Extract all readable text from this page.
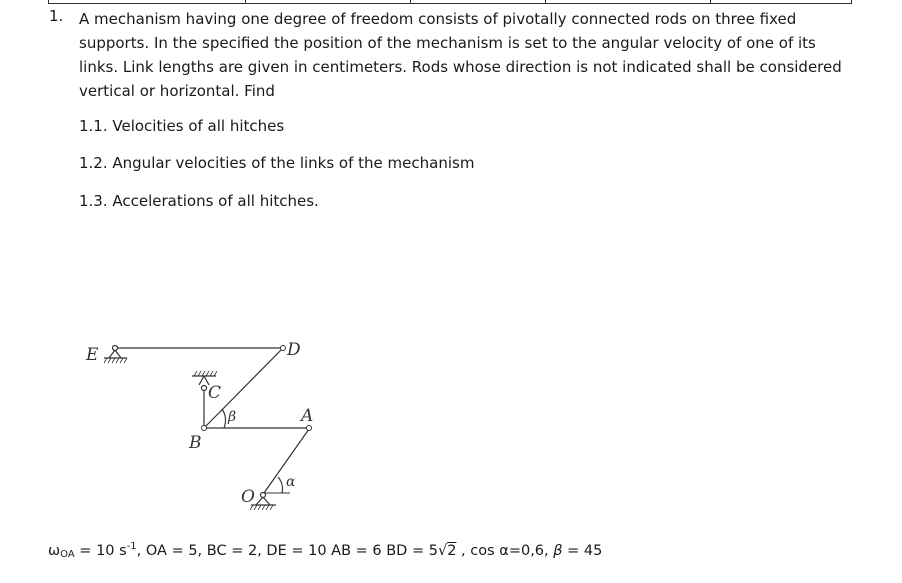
1. A mechanism having one degree of freedom consists of pivotally connected rods on three fixed supports. In the specified the position of the mechanism is set to the angular velocity of one of its links. Link lengths are given in centimeters. Rods whose direction is not indicated shall be considered vertical or horizontal. Find

1.1. Velocities of all hitches
1.2. Angular velocities of the links of the mechanism
1.3. Accelerations of all hitches.
E	D
C
B
A
O
β
α
$\omega_{OA} = 10$ $s^{-1}$, OA = 5, BC = 2, DE = 10 AB = 6 BD = 5√2 , cos α=0,6, β = 45
